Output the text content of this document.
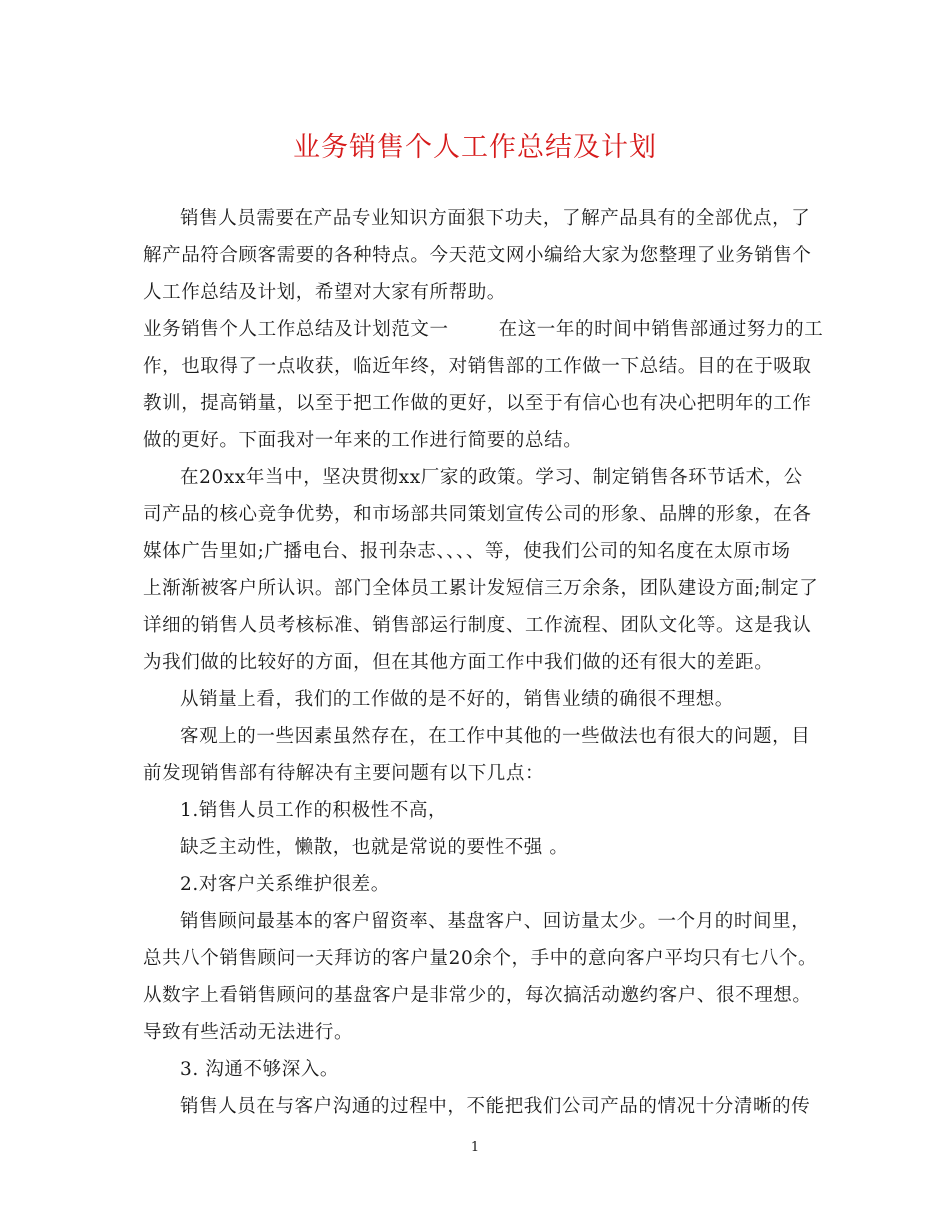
业务销售个人工作总结及计划
销售人员需要在产品专业知识方面狠下功夫，了解产品具有的全部优点，了
解产品符合顾客需要的各种特点。今天范文网小编给大家为您整理了业务销售个
人工作总结及计划，希望对大家有所帮助。
业务销售个人工作总结及计划范文一	在这一年的时间中销售部通过努力的工
作，也取得了一点收获，临近年终，对销售部的工作做一下总结。目的在于吸取
教训，提高销量，以至于把工作做的更好，以至于有信心也有决心把明年的工作
做的更好。下面我对一年来的工作进行简要的总结。
在20xx年当中，坚决贯彻xx厂家的政策。学习、制定销售各环节话术，公
司产品的核心竞争优势，和市场部共同策划宣传公司的形象、品牌的形象，在各
媒体广告里如;广播电台、报刊杂志、、、、等，使我们公司的知名度在太原市场
上渐渐被客户所认识。部门全体员工累计发短信三万余条，团队建设方面;制定了
详细的销售人员考核标准、销售部运行制度、工作流程、团队文化等。这是我认
为我们做的比较好的方面，但在其他方面工作中我们做的还有很大的差距。
从销量上看，我们的工作做的是不好的，销售业绩的确很不理想。
客观上的一些因素虽然存在，在工作中其他的一些做法也有很大的问题，目
前发现销售部有待解决有主要问题有以下几点：
1.销售人员工作的积极性不高，
缺乏主动性，懒散，也就是常说的要性不强 。
2.对客户关系维护很差。
销售顾问最基本的客户留资率、基盘客户、回访量太少。一个月的时间里，
总共八个销售顾问一天拜访的客户量20余个，手中的意向客户平均只有七八个。
从数字上看销售顾问的基盘客户是非常少的，每次搞活动邀约客户、很不理想。
导致有些活动无法进行。
3. 沟通不够深入。
销售人员在与客户沟通的过程中，不能把我们公司产品的情况十分清晰的传
1
